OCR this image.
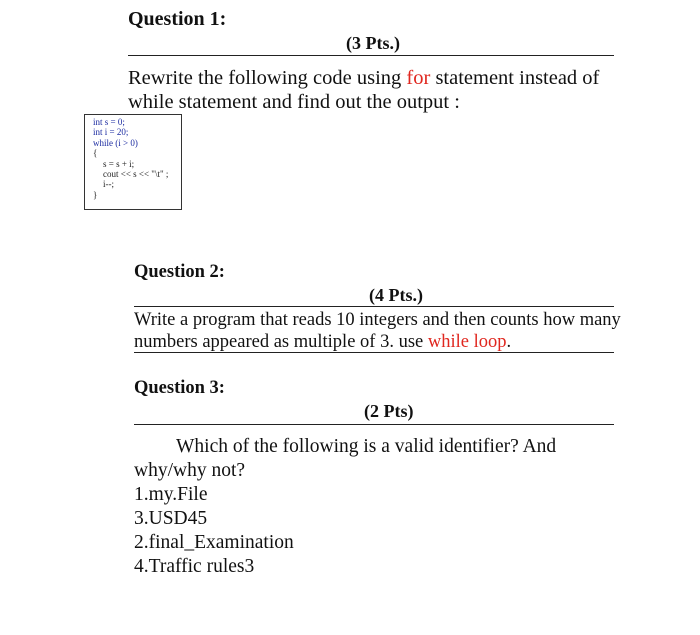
Question 1:
(3 Pts.)
Rewrite the following code using for statement instead of while statement and find out the output :
int s = 0;
int i = 20;
while (i > 0)
{
s = s + i;
cout << s << "\t" ;
i--;
}
Question 2:
(4 Pts.)
Write a program that reads 10 integers and then counts how many numbers appeared as multiple of 3. use while loop.
Question 3:
(2 Pts)
Which of the following is a valid identifier? And
why/why not?
1.my.File
3.USD45
2.final_Examination
4.Traffic rules3
